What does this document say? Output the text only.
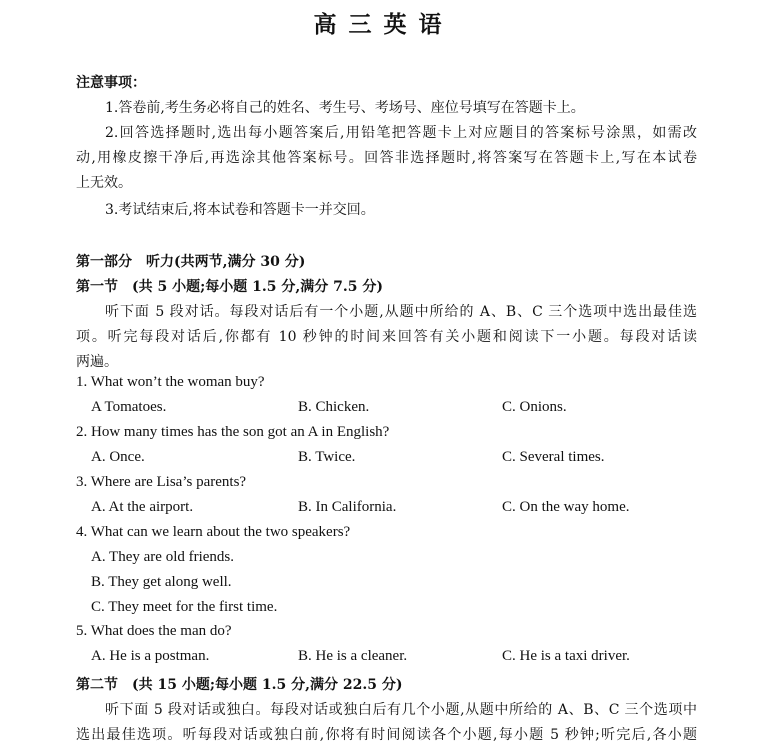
高三英语
注意事项：
1.答卷前,考生务必将自己的姓名、考生号、考场号、座位号填写在答题卡上。
2.回答选择题时,选出每小题答案后,用铅笔把答题卡上对应题目的答案标号涂黑，如需改
动,用橡皮擦干净后,再选涂其他答案标号。回答非选择题时,将答案写在答题卡上,写在本试卷
上无效。
3.考试结束后,将本试卷和答题卡一并交回。
第一部分　听力(共两节,满分 30 分)
第一节　(共 5 小题;每小题 1.5 分,满分 7.5 分)
听下面 5 段对话。每段对话后有一个小题,从题中所给的 A、B、C 三个选项中选出最佳选
项。听完每段对话后,你都有 10 秒钟的时间来回答有关小题和阅读下一小题。每段对话读
两遍。
1. What won’t the woman buy?
A Tomatoes.	B. Chicken.	C. Onions.
2. How many times has the son got an A in English?
A. Once.	B. Twice.	C. Several times.
3. Where are Lisa’s parents?
A. At the airport.	B. In California.	C. On the way home.
4. What can we learn about the two speakers?
A. They are old friends.
B. They get along well.
C. They meet for the first time.
5. What does the man do?
A. He is a postman.	B. He is a cleaner.	C. He is a taxi driver.
第二节　(共 15 小题;每小题 1.5 分,满分 22.5 分)
听下面 5 段对话或独白。每段对话或独白后有几个小题,从题中所给的 A、B、C 三个选项中
选出最佳选项。听每段对话或独白前,你将有时间阅读各个小题,每小题 5 秒钟;听完后,各小题
